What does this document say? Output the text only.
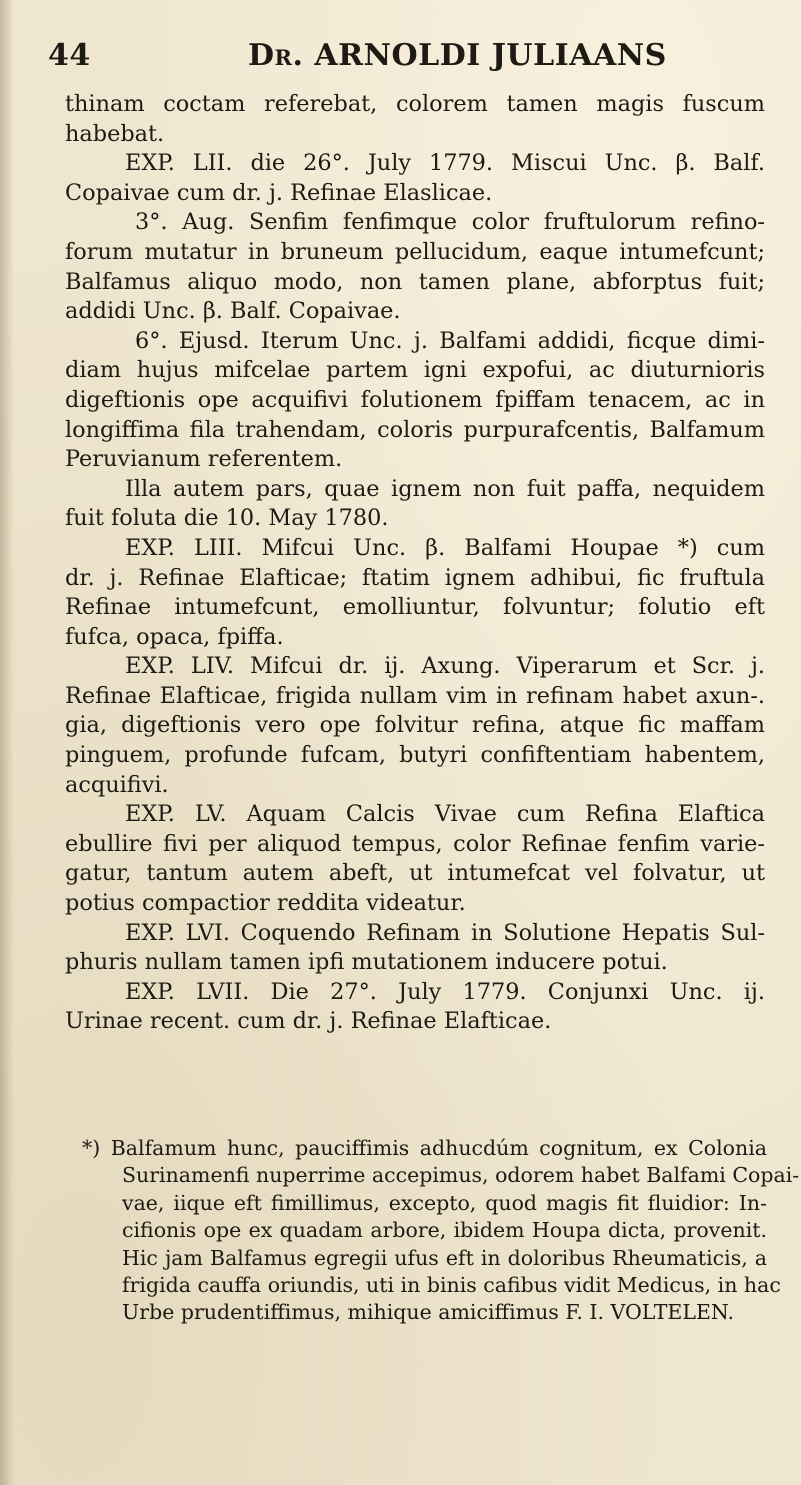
44	Dr. ARNOLDI JULIAANS
thinam coctam referebat, colorem tamen magis fuscum
habebat.
EXP. LII. die 26°. July 1779. Miscui Unc. β. Balf.
Copaivae cum dr. j. Refinae Elaslicae.
3°. Aug. Senfim fenfimque color fruftulorum refino-
forum mutatur in bruneum pellucidum, eaque intumefcunt;
Balfamus aliquo modo, non tamen plane, abforptus fuit;
addidi Unc. β. Balf. Copaivae.
6°. Ejusd. Iterum Unc. j. Balfami addidi, ficque dimi-
diam hujus mifcelae partem igni expofui, ac diuturnioris
digeftionis ope acquifivi folutionem fpiffam tenacem, ac in
longiffima fila trahendam, coloris purpurafcentis, Balfamum
Peruvianum referentem.
Illa autem pars, quae ignem non fuit paffa, nequidem
fuit foluta die 10. May 1780.
EXP. LIII. Mifcui Unc. β. Balfami Houpae *) cum
dr. j. Refinae Elafticae; ftatim ignem adhibui, fic fruftula
Refinae intumefcunt, emolliuntur, folvuntur; folutio eft
fufca, opaca, fpiffa.
EXP. LIV. Mifcui dr. ij. Axung. Viperarum et Scr. j.
Refinae Elafticae, frigida nullam vim in refinam habet axun-.
gia, digeftionis vero ope folvitur refina, atque fic maffam
pinguem, profunde fufcam, butyri confiftentiam habentem,
acquifivi.
EXP. LV. Aquam Calcis Vivae cum Refina Elaftica
ebullire fivi per aliquod tempus, color Refinae fenfim varie-
gatur, tantum autem abeft, ut intumefcat vel folvatur, ut
potius compactior reddita videatur.
EXP. LVI. Coquendo Refinam in Solutione Hepatis Sul-
phuris nullam tamen ipfi mutationem inducere potui.
EXP. LVII. Die 27°. July 1779. Conjunxi Unc. ij.
Urinae recent. cum dr. j. Refinae Elafticae.
*) Balfamum hunc, pauciffimis adhucdúm cognitum, ex Colonia
Surinamenfi nuperrime accepimus, odorem habet Balfami Copai-
vae, iique eft fimillimus, excepto, quod magis fit fluidior: In-
cifionis ope ex quadam arbore, ibidem Houpa dicta, provenit.
Hic jam Balfamus egregii ufus eft in doloribus Rheumaticis, a
frigida cauffa oriundis, uti in binis cafibus vidit Medicus, in hac
Urbe prudentiffimus, mihique amiciffimus F. I. VOLTELEN.
